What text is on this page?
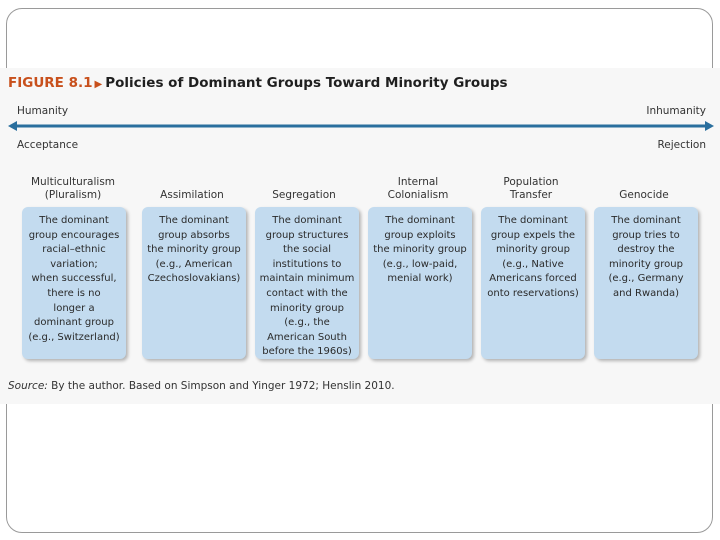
FIGURE 8.1 ▶ Policies of Dominant Groups Toward Minority Groups
Humanity	Inhumanity
Acceptance	Rejection
Multiculturalism
(Pluralism)	Assimilation	Segregation
Internal
Colonialism
Population
Transfer	Genocide
The dominant
group encourages
racial–ethnic
variation;
when successful,
there is no
longer a
dominant group
(e.g., Switzerland)
The dominant
group absorbs
the minority group
(e.g., American
Czechoslovakians)
The dominant
group structures
the social
institutions to
maintain minimum
contact with the
minority group
(e.g., the
American South
before the 1960s)
The dominant
group exploits
the minority group
(e.g., low-paid,
menial work)
The dominant
group expels the
minority group
(e.g., Native
Americans forced
onto reservations)
The dominant
group tries to
destroy the
minority group
(e.g., Germany
and Rwanda)
Source: By the author. Based on Simpson and Yinger 1972; Henslin 2010.
